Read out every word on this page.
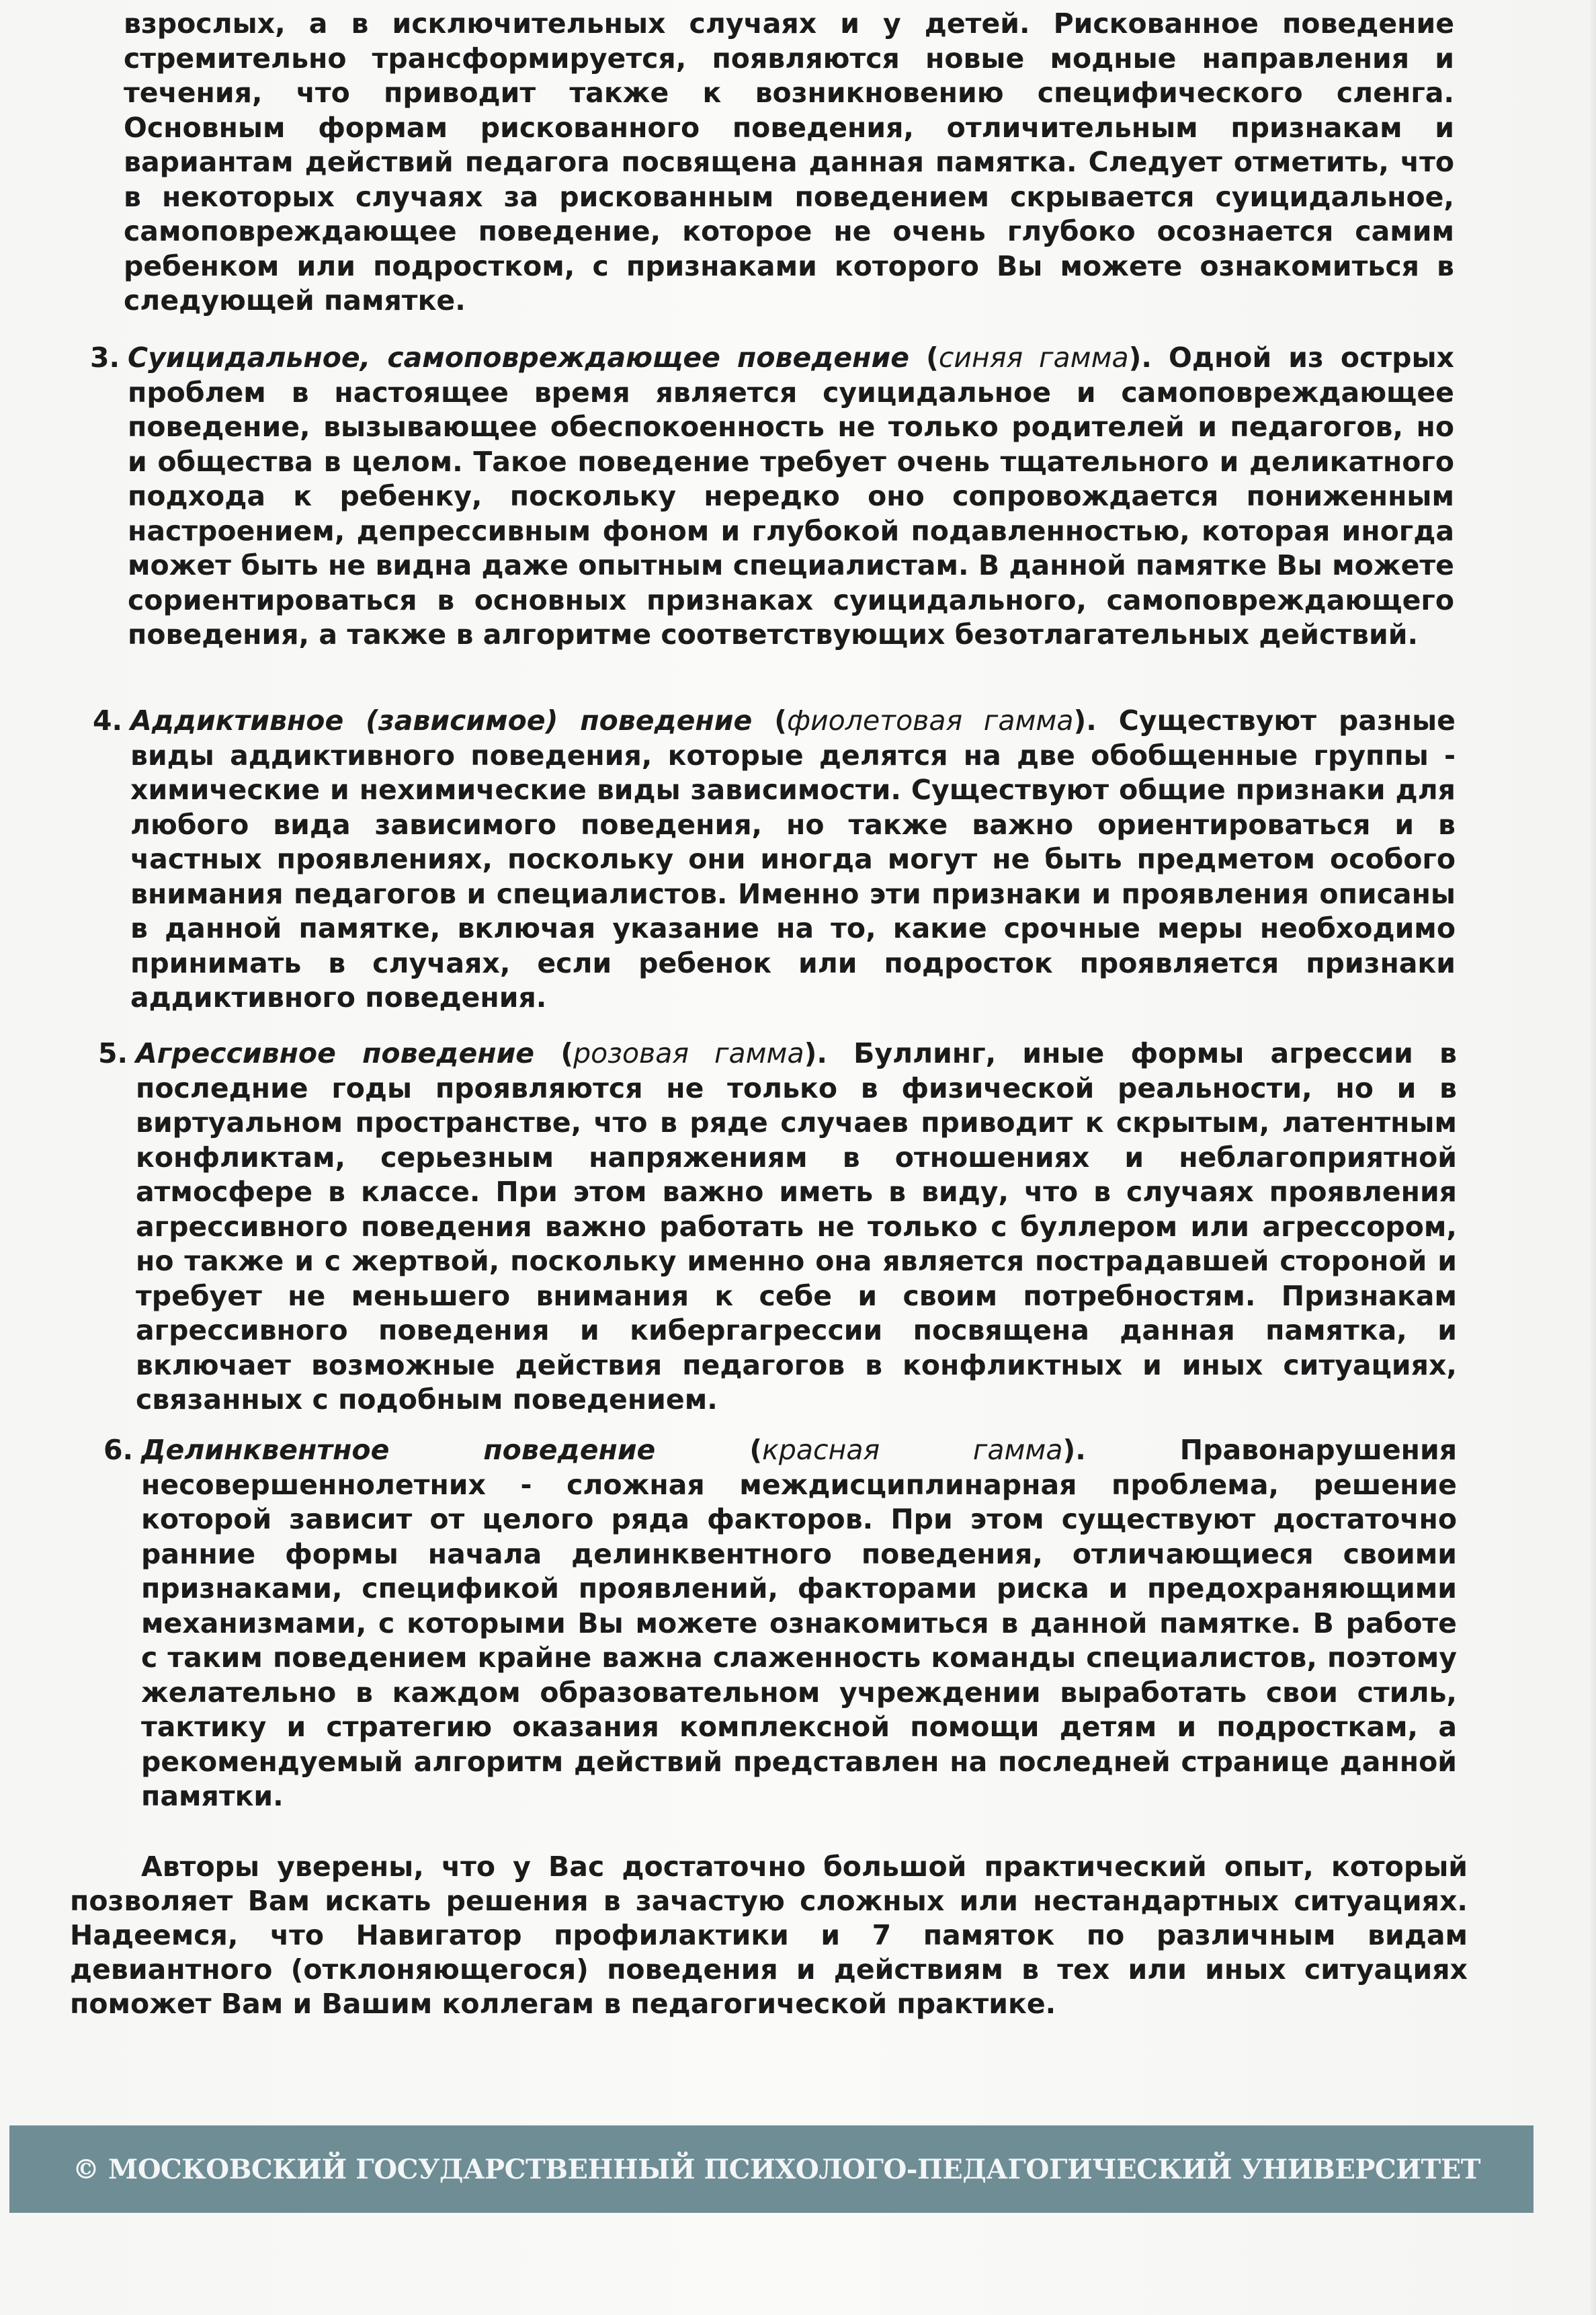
взрослых, а в исключительных случаях и у детей. Рискованное поведение стремительно трансформируется, появляются новые модные направления и течения, что приводит также к возникновению специфического сленга. Основным формам рискованного поведения, отличительным признакам и вариантам действий педагога посвящена данная памятка. Следует отметить, что в некоторых случаях за рискованным поведением скрывается суицидальное, самоповреждающее поведение, которое не очень глубоко осознается самим ребенком или подростком, с признаками которого Вы можете ознакомиться в следующей памятке.

3. Суицидальное, самоповреждающее поведение (синяя гамма). Одной из острых проблем в настоящее время является суицидальное и самоповреждающее поведение, вызывающее обеспокоенность не только родителей и педагогов, но и общества в целом. Такое поведение требует очень тщательного и деликатного подхода к ребенку, поскольку нередко оно сопровождается пониженным настроением, депрессивным фоном и глубокой подавленностью, которая иногда может быть не видна даже опытным специалистам. В данной памятке Вы можете сориентироваться в основных признаках суицидального, самоповреждающего поведения, а также в алгоритме соответствующих безотлагательных действий.

4. Аддиктивное (зависимое) поведение (фиолетовая гамма). Существуют разные виды аддиктивного поведения, которые делятся на две обобщенные группы - химические и нехимические виды зависимости. Существуют общие признаки для любого вида зависимого поведения, но также важно ориентироваться и в частных проявлениях, поскольку они иногда могут не быть предметом особого внимания педагогов и специалистов. Именно эти признаки и проявления описаны в данной памятке, включая указание на то, какие срочные меры необходимо принимать в случаях, если ребенок или подросток проявляется признаки аддиктивного поведения.

5. Агрессивное поведение (розовая гамма). Буллинг, иные формы агрессии в последние годы проявляются не только в физической реальности, но и в виртуальном пространстве, что в ряде случаев приводит к скрытым, латентным конфликтам, серьезным напряжениям в отношениях и неблагоприятной атмосфере в классе. При этом важно иметь в виду, что в случаях проявления агрессивного поведения важно работать не только с буллером или агрессором, но также и с жертвой, поскольку именно она является пострадавшей стороной и требует не меньшего внимания к себе и своим потребностям. Признакам агрессивного поведения и кибергагрессии посвящена данная памятка, и включает возможные действия педагогов в конфликтных и иных ситуациях, связанных с подобным поведением.

6. Делинквентное поведение (красная гамма). Правонарушения несовершеннолетних - сложная междисциплинарная проблема, решение которой зависит от целого ряда факторов. При этом существуют достаточно ранние формы начала делинквентного поведения, отличающиеся своими признаками, спецификой проявлений, факторами риска и предохраняющими механизмами, с которыми Вы можете ознакомиться в данной памятке. В работе с таким поведением крайне важна слаженность команды специалистов, поэтому желательно в каждом образовательном учреждении выработать свои стиль, тактику и стратегию оказания комплексной помощи детям и подросткам, а рекомендуемый алгоритм действий представлен на последней странице данной памятки.

Авторы уверены, что у Вас достаточно большой практический опыт, который позволяет Вам искать решения в зачастую сложных или нестандартных ситуациях. Надеемся, что Навигатор профилактики и 7 памяток по различным видам девиантного (отклоняющегося) поведения и действиям в тех или иных ситуациях поможет Вам и Вашим коллегам в педагогической практике.

© МОСКОВСКИЙ ГОСУДАРСТВЕННЫЙ ПСИХОЛОГО-ПЕДАГОГИЧЕСКИЙ УНИВЕРСИТЕТ
